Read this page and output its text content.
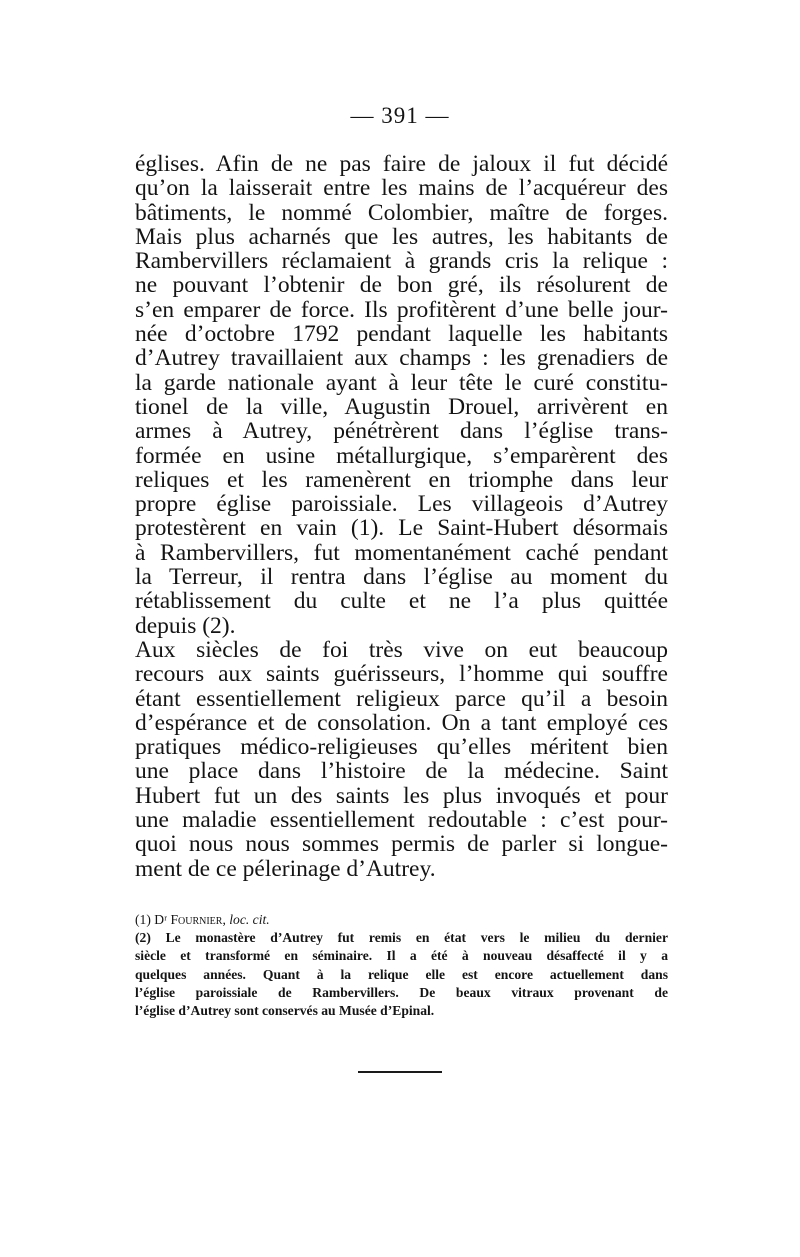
— 391 —
églises. Afin de ne pas faire de jaloux il fut décidé
qu’on la laisserait entre les mains de l’acquéreur des
bâtiments, le nommé Colombier, maître de forges.
Mais plus acharnés que les autres, les habitants de
Rambervillers réclamaient à grands cris la relique :
ne pouvant l’obtenir de bon gré, ils résolurent de
s’en emparer de force. Ils profitèrent d’une belle jour-
née d’octobre 1792 pendant laquelle les habitants
d’Autrey travaillaient aux champs : les grenadiers de
la garde nationale ayant à leur tête le curé constitu-
tionel de la ville, Augustin Drouel, arrivèrent en
armes à Autrey, pénétrèrent dans l’église trans-
formée en usine métallurgique, s’emparèrent des
reliques et les ramenèrent en triomphe dans leur
propre église paroissiale. Les villageois d’Autrey
protestèrent en vain (1). Le Saint-Hubert désormais
à Rambervillers, fut momentanément caché pendant
la Terreur, il rentra dans l’église au moment du
rétablissement du culte et ne l’a plus quittée
depuis (2).
Aux siècles de foi très vive on eut beaucoup
recours aux saints guérisseurs, l’homme qui souffre
étant essentiellement religieux parce qu’il a besoin
d’espérance et de consolation. On a tant employé ces
pratiques médico-religieuses qu’elles méritent bien
une place dans l’histoire de la médecine. Saint
Hubert fut un des saints les plus invoqués et pour
une maladie essentiellement redoutable : c’est pour-
quoi nous nous sommes permis de parler si longue-
ment de ce pélerinage d’Autrey.
(1) Dʳ Fournier, loc. cit.
(2) Le monastère d’Autrey fut remis en état vers le milieu du dernier
siècle et transformé en séminaire. Il a été à nouveau désaffecté il y a
quelques années. Quant à la relique elle est encore actuellement dans
l’église paroissiale de Rambervillers. De beaux vitraux provenant de
l’église d’Autrey sont conservés au Musée d’Epinal.
